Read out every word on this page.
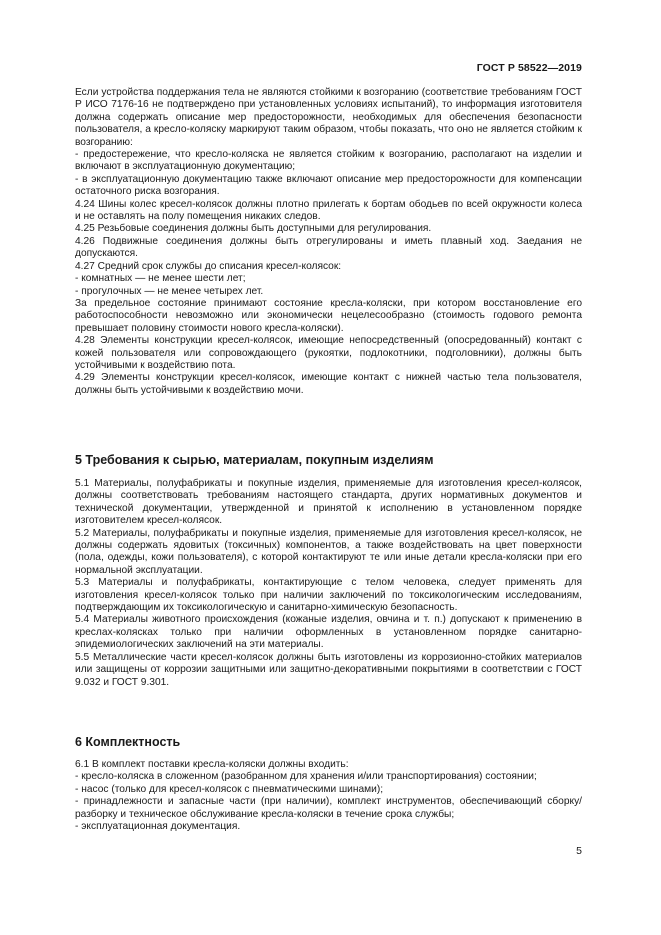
ГОСТ Р 58522—2019

Если устройства поддержания тела не являются стойкими к возгоранию (соответствие требованиям ГОСТ Р ИСО 7176-16 не подтверждено при установленных условиях испытаний), то информация изготовителя должна содержать описание мер предосторожности, необходимых для обеспечения безопасности пользователя, а кресло-коляску маркируют таким образом, чтобы показать, что оно не является стойким к возгоранию:

- предостережение, что кресло-коляска не является стойким к возгоранию, располагают на изделии и включают в эксплуатационную документацию;

- в эксплуатационную документацию также включают описание мер предосторожности для компенсации остаточного риска возгорания.

4.24 Шины колес кресел-колясок должны плотно прилегать к бортам ободьев по всей окружности колеса и не оставлять на полу помещения никаких следов.

4.25 Резьбовые соединения должны быть доступными для регулирования.

4.26 Подвижные соединения должны быть отрегулированы и иметь плавный ход. Заедания не допускаются.

4.27 Средний срок службы до списания кресел-колясок:

- комнатных — не менее шести лет;

- прогулочных — не менее четырех лет.

За предельное состояние принимают состояние кресла-коляски, при котором восстановление его работоспособности невозможно или экономически нецелесообразно (стоимость годового ремонта превышает половину стоимости нового кресла-коляски).

4.28 Элементы конструкции кресел-колясок, имеющие непосредственный (опосредованный) контакт с кожей пользователя или сопровождающего (рукоятки, подлокотники, подголовники), должны быть устойчивыми к воздействию пота.

4.29 Элементы конструкции кресел-колясок, имеющие контакт с нижней частью тела пользователя, должны быть устойчивыми к воздействию мочи.

5 Требования к сырью, материалам, покупным изделиям

5.1 Материалы, полуфабрикаты и покупные изделия, применяемые для изготовления кресел-колясок, должны соответствовать требованиям настоящего стандарта, других нормативных документов и технической документации, утвержденной и принятой к исполнению в установленном порядке изготовителем кресел-колясок.

5.2 Материалы, полуфабрикаты и покупные изделия, применяемые для изготовления кресел-колясок, не должны содержать ядовитых (токсичных) компонентов, а также воздействовать на цвет поверхности (пола, одежды, кожи пользователя), с которой контактируют те или иные детали кресла-коляски при его нормальной эксплуатации.

5.3 Материалы и полуфабрикаты, контактирующие с телом человека, следует применять для изготовления кресел-колясок только при наличии заключений по токсикологическим исследованиям, подтверждающим их токсикологическую и санитарно-химическую безопасность.

5.4 Материалы животного происхождения (кожаные изделия, овчина и т. п.) допускают к применению в креслах-колясках только при наличии оформленных в установленном порядке санитарно-эпидемиологических заключений на эти материалы.

5.5 Металлические части кресел-колясок должны быть изготовлены из коррозионно-стойких материалов или защищены от коррозии защитными или защитно-декоративными покрытиями в соответствии с ГОСТ 9.032 и ГОСТ 9.301.

6 Комплектность

6.1 В комплект поставки кресла-коляски должны входить:

- кресло-коляска в сложенном (разобранном для хранения и/или транспортирования) состоянии;

- насос (только для кресел-колясок с пневматическими шинами);

- принадлежности и запасные части (при наличии), комплект инструментов, обеспечивающий сборку/разборку и техническое обслуживание кресла-коляски в течение срока службы;

- эксплуатационная документация.

5
